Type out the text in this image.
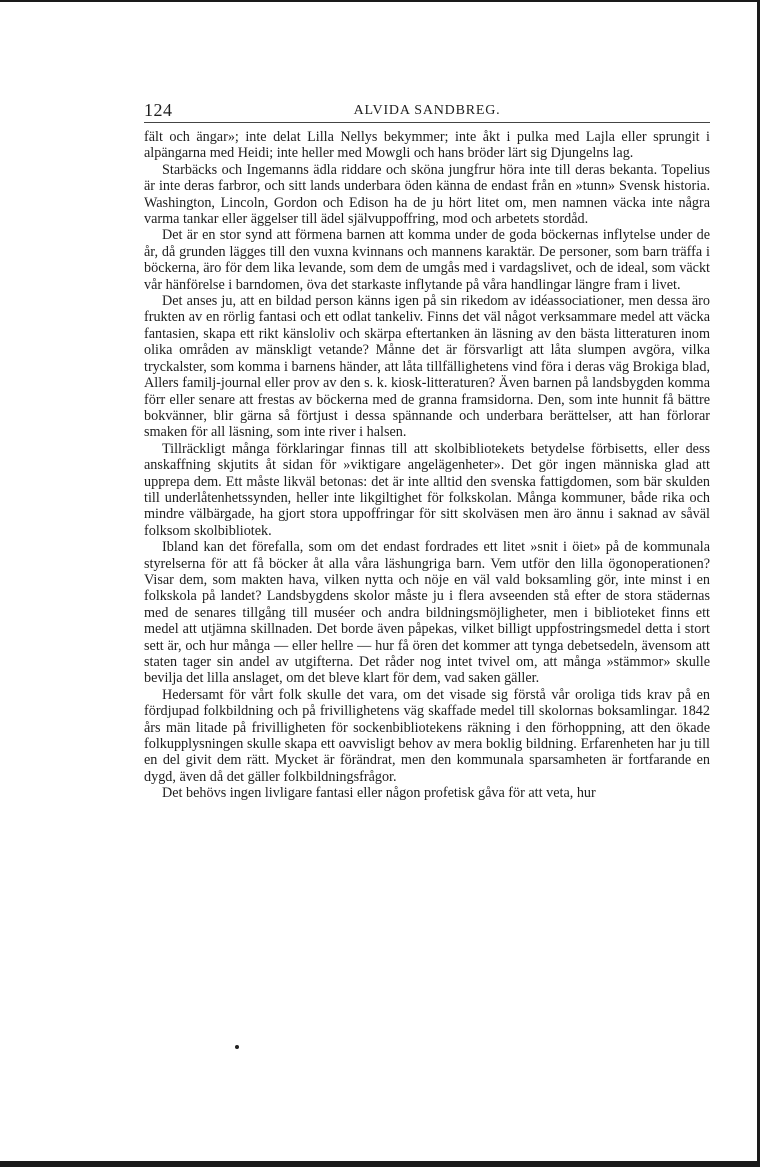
124	ALVIDA SANDBREG.

fält och ängar»; inte delat Lilla Nellys bekymmer; inte åkt i pulka med Lajla eller sprungit i alpängarna med Heidi; inte heller med Mowgli och hans bröder lärt sig Djungelns lag.

Starbäcks och Ingemanns ädla riddare och sköna jungfrur höra inte till deras bekanta. Topelius är inte deras farbror, och sitt lands underbara öden känna de endast från en »tunn» Svensk historia. Washington, Lincoln, Gordon och Edison ha de ju hört litet om, men namnen väcka inte några varma tankar eller äggelser till ädel självuppoffring, mod och arbetets stordåd.

Det är en stor synd att förmena barnen att komma under de goda böckernas inflytelse under de år, då grunden lägges till den vuxna kvinnans och mannens karaktär. De personer, som barn träffa i böckerna, äro för dem lika levande, som dem de umgås med i vardagslivet, och de ideal, som väckt vår hänförelse i barndomen, öva det starkaste inflytande på våra handlingar längre fram i livet.

Det anses ju, att en bildad person känns igen på sin rikedom av idéassociationer, men dessa äro frukten av en rörlig fantasi och ett odlat tankeliv. Finns det väl något verksammare medel att väcka fantasien, skapa ett rikt känsloliv och skärpa eftertanken än läsning av den bästa litteraturen inom olika områden av mänskligt vetande? Månne det är försvarligt att låta slumpen avgöra, vilka tryckalster, som komma i barnens händer, att låta tillfällighetens vind föra i deras väg Brokiga blad, Allers familj-journal eller prov av den s. k. kiosk-litteraturen? Även barnen på landsbygden komma förr eller senare att frestas av böckerna med de granna framsidorna. Den, som inte hunnit få bättre bokvänner, blir gärna så förtjust i dessa spännande och underbara berättelser, att han förlorar smaken för all läsning, som inte river i halsen.

Tillräckligt många förklaringar finnas till att skolbibliotekets betydelse förbisetts, eller dess anskaffning skjutits åt sidan för »viktigare angelägenheter». Det gör ingen människa glad att upprepa dem. Ett måste likväl betonas: det är inte alltid den svenska fattigdomen, som bär skulden till underlåtenhetssynden, heller inte likgiltighet för folkskolan. Många kommuner, både rika och mindre välbärgade, ha gjort stora uppoffringar för sitt skolväsen men äro ännu i saknad av såväl folksom skolbibliotek.

Ibland kan det förefalla, som om det endast fordrades ett litet »snit i öiet» på de kommunala styrelserna för att få böcker åt alla våra läshungriga barn. Vem utför den lilla ögonoperationen? Visar dem, som makten hava, vilken nytta och nöje en väl vald boksamling gör, inte minst i en folkskola på landet? Landsbygdens skolor måste ju i flera avseenden stå efter de stora städernas med de senares tillgång till muséer och andra bildningsmöjligheter, men i biblioteket finns ett medel att utjämna skillnaden. Det borde även påpekas, vilket billigt uppfostringsmedel detta i stort sett är, och hur många — eller hellre — hur få ören det kommer att tynga debetsedeln, ävensom att staten tager sin andel av utgifterna. Det råder nog intet tvivel om, att många »stämmor» skulle bevilja det lilla anslaget, om det bleve klart för dem, vad saken gäller.

Hedersamt för vårt folk skulle det vara, om det visade sig förstå vår oroliga tids krav på en fördjupad folkbildning och på frivillighetens väg skaffade medel till skolornas boksamlingar. 1842 års män litade på frivilligheten för sockenbibliotekens räkning i den förhoppning, att den ökade folkupplysningen skulle skapa ett oavvisligt behov av mera boklig bildning. Erfarenheten har ju till en del givit dem rätt. Mycket är förändrat, men den kommunala sparsamheten är fortfarande en dygd, även då det gäller folkbildningsfrågor.

Det behövs ingen livligare fantasi eller någon profetisk gåva för att veta, hur
